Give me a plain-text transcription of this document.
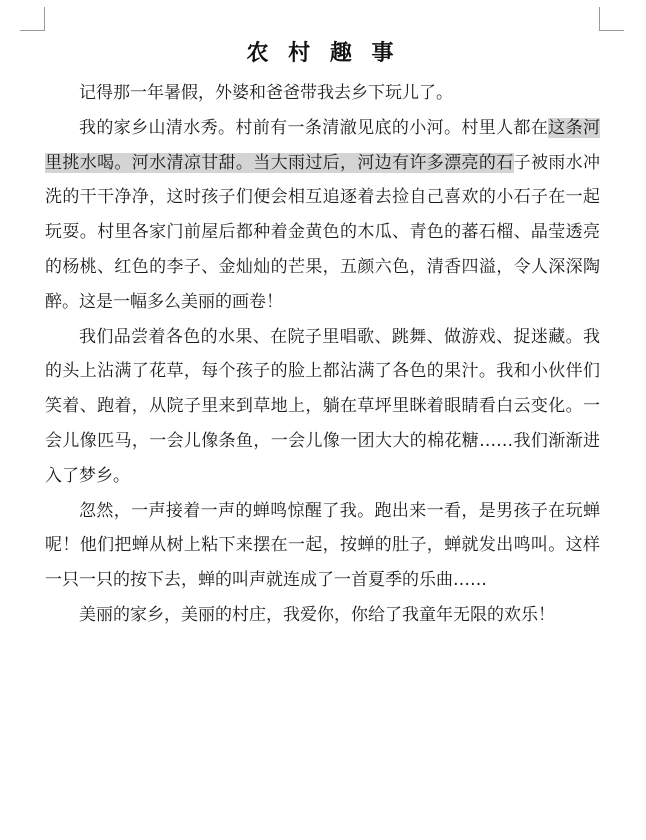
农 村 趣 事

记得那一年暑假，外婆和爸爸带我去乡下玩儿了。

我的家乡山清水秀。村前有一条清澈见底的小河。村里人都在这条河里挑水喝。河水清凉甘甜。当大雨过后，河边有许多漂亮的石子被雨水冲洗的干干净净，这时孩子们便会相互追逐着去捡自己喜欢的小石子在一起玩耍。村里各家门前屋后都种着金黄色的木瓜、青色的蕃石榴、晶莹透亮的杨桃、红色的李子、金灿灿的芒果，五颜六色，清香四溢，令人深深陶醉。这是一幅多么美丽的画卷！

我们品尝着各色的水果、在院子里唱歌、跳舞、做游戏、捉迷藏。我的头上沾满了花草，每个孩子的脸上都沾满了各色的果汁。我和小伙伴们笑着、跑着，从院子里来到草地上，躺在草坪里眯着眼睛看白云变化。一会儿像匹马，一会儿像条鱼，一会儿像一团大大的棉花糖……我们渐渐进入了梦乡。

忽然，一声接着一声的蝉鸣惊醒了我。跑出来一看，是男孩子在玩蝉呢！他们把蝉从树上粘下来摆在一起，按蝉的肚子，蝉就发出鸣叫。这样一只一只的按下去，蝉的叫声就连成了一首夏季的乐曲……

美丽的家乡，美丽的村庄，我爱你，你给了我童年无限的欢乐！
